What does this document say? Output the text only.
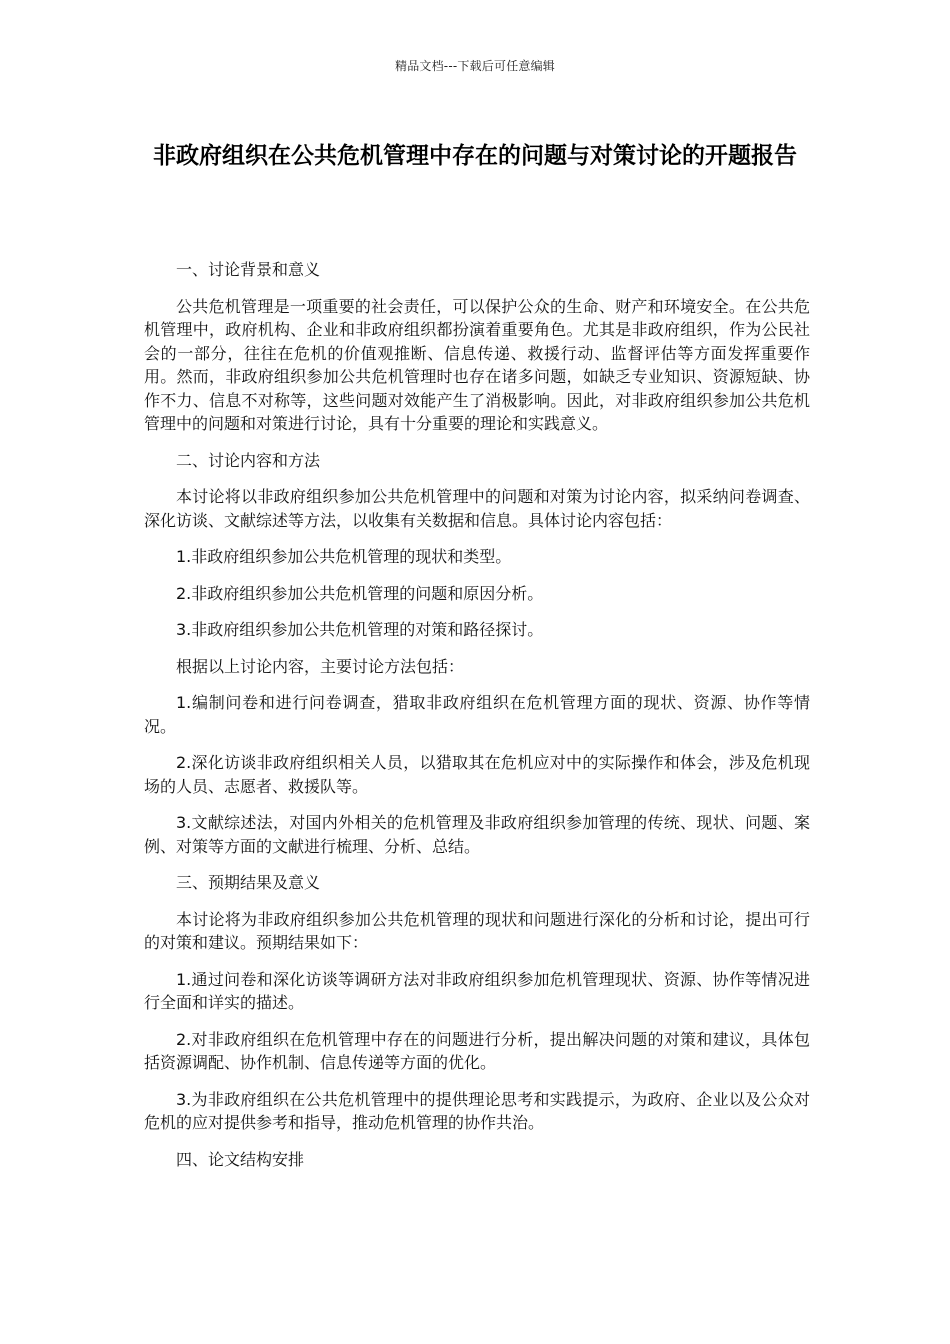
精品文档---下载后可任意编辑
非政府组织在公共危机管理中存在的问题与对策讨论的开题报告

一、讨论背景和意义

公共危机管理是一项重要的社会责任，可以保护公众的生命、财产和环境安全。在公共危机管理中，政府机构、企业和非政府组织都扮演着重要角色。尤其是非政府组织，作为公民社会的一部分，往往在危机的价值观推断、信息传递、救援行动、监督评估等方面发挥重要作用。然而，非政府组织参加公共危机管理时也存在诸多问题，如缺乏专业知识、资源短缺、协作不力、信息不对称等，这些问题对效能产生了消极影响。因此，对非政府组织参加公共危机管理中的问题和对策进行讨论，具有十分重要的理论和实践意义。

二、讨论内容和方法

本讨论将以非政府组织参加公共危机管理中的问题和对策为讨论内容，拟采纳问卷调查、深化访谈、文献综述等方法，以收集有关数据和信息。具体讨论内容包括：

1.非政府组织参加公共危机管理的现状和类型。

2.非政府组织参加公共危机管理的问题和原因分析。

3.非政府组织参加公共危机管理的对策和路径探讨。

根据以上讨论内容，主要讨论方法包括：

1.编制问卷和进行问卷调查，猎取非政府组织在危机管理方面的现状、资源、协作等情况。

2.深化访谈非政府组织相关人员，以猎取其在危机应对中的实际操作和体会，涉及危机现场的人员、志愿者、救援队等。

3.文献综述法，对国内外相关的危机管理及非政府组织参加管理的传统、现状、问题、案例、对策等方面的文献进行梳理、分析、总结。

三、预期结果及意义

本讨论将为非政府组织参加公共危机管理的现状和问题进行深化的分析和讨论，提出可行的对策和建议。预期结果如下：

1.通过问卷和深化访谈等调研方法对非政府组织参加危机管理现状、资源、协作等情况进行全面和详实的描述。

2.对非政府组织在危机管理中存在的问题进行分析，提出解决问题的对策和建议，具体包括资源调配、协作机制、信息传递等方面的优化。

3.为非政府组织在公共危机管理中的提供理论思考和实践提示，为政府、企业以及公众对危机的应对提供参考和指导，推动危机管理的协作共治。

四、论文结构安排
